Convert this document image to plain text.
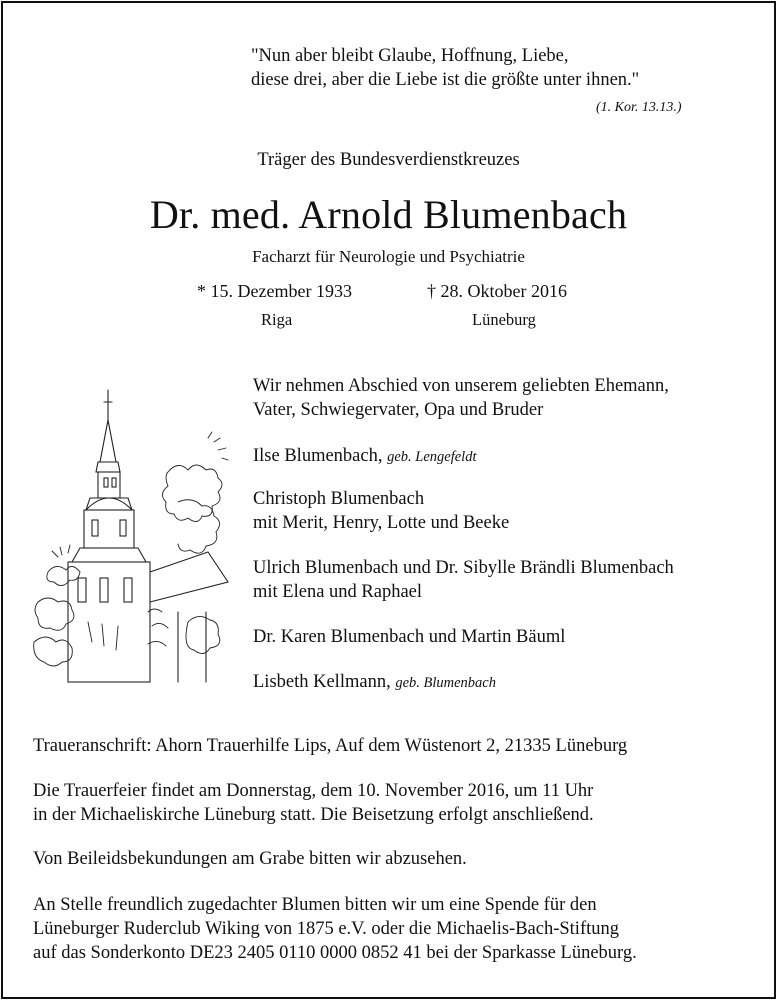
"Nun aber bleibt Glaube, Hoffnung, Liebe,
diese drei, aber die Liebe ist die größte unter ihnen."
(1. Kor. 13.13.)
Träger des Bundesverdienstkreuzes
Dr. med. Arnold Blumenbach
Facharzt für Neurologie und Psychiatrie
* 15. Dezember 1933	† 28. Oktober 2016
Riga	Lüneburg
Wir nehmen Abschied von unserem geliebten Ehemann,
Vater, Schwiegervater, Opa und Bruder
Ilse Blumenbach, geb. Lengefeldt
Christoph Blumenbach
mit Merit, Henry, Lotte und Beeke
Ulrich Blumenbach und Dr. Sibylle Brändli Blumenbach
mit Elena und Raphael
Dr. Karen Blumenbach und Martin Bäuml
Lisbeth Kellmann, geb. Blumenbach
Traueranschrift: Ahorn Trauerhilfe Lips, Auf dem Wüstenort 2, 21335 Lüneburg
Die Trauerfeier findet am Donnerstag, dem 10. November 2016, um 11 Uhr
in der Michaeliskirche Lüneburg statt. Die Beisetzung erfolgt anschließend.
Von Beileidsbekundungen am Grabe bitten wir abzusehen.
An Stelle freundlich zugedachter Blumen bitten wir um eine Spende für den
Lüneburger Ruderclub Wiking von 1875 e.V. oder die Michaelis-Bach-Stiftung
auf das Sonderkonto DE23 2405 0110 0000 0852 41 bei der Sparkasse Lüneburg.
